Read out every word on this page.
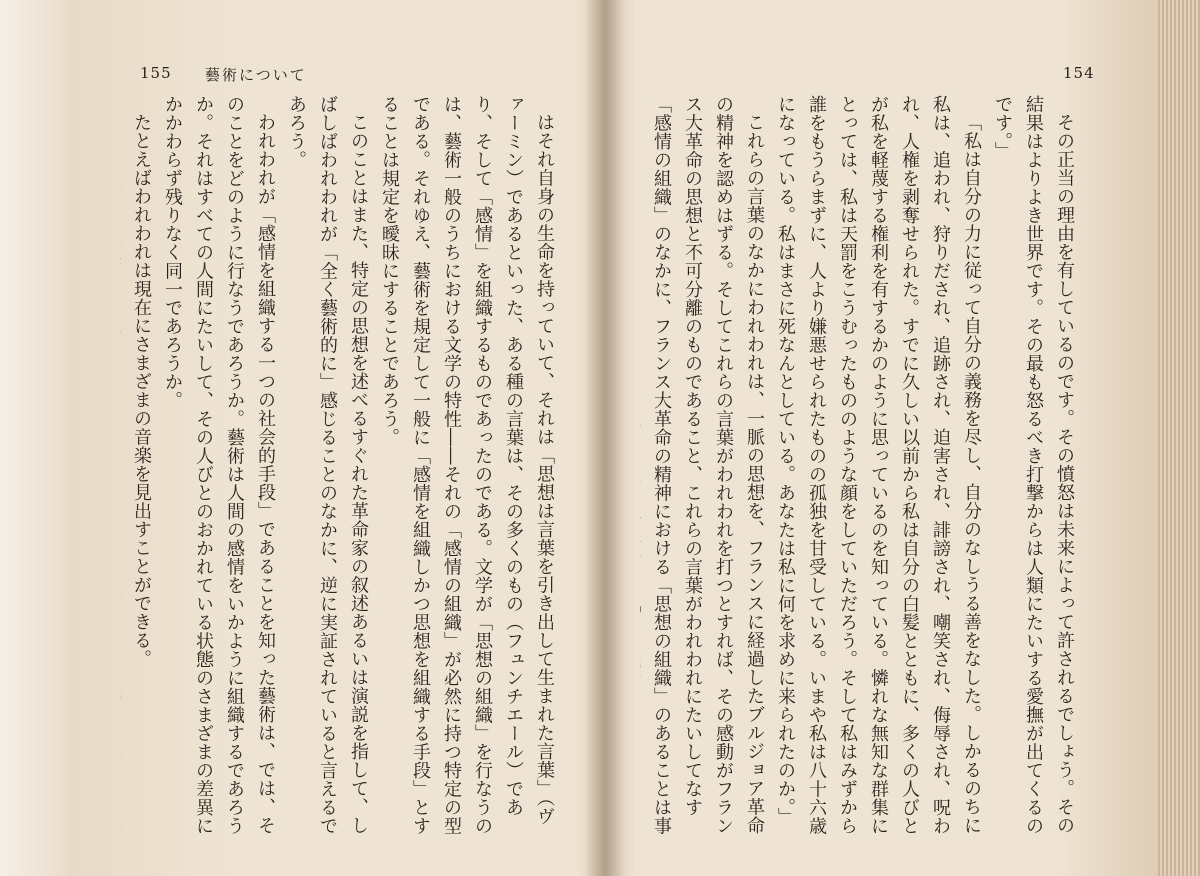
155 藝術について	154

はそれ自身の生命を持っていて、それは「思想は言葉を引き出して生まれた言葉」（ヴァーミン）であるといった、ある種の言葉は、その多くのもの（フュンチエール）であり、そして「感情」を組織するものであったのである。文学が「思想の組織」を行なうのは、藝術一般のうちにおける文学の特性――それの「感情の組織」が必然に持つ特定の型である。それゆえ、藝術を規定して一般に「感情を組織しかつ思想を組織する手段」とすることは規定を曖昧にすることであろう。

このことはまた、特定の思想を述べるすぐれた革命家の叙述あるいは演説を指して、しばしばわれわれが「全く藝術的に」感じることのなかに、逆に実証されていると言えるであろう。

われわれが「感情を組織する一つの社会的手段」であることを知った藝術は、では、そのことをどのように行なうであろうか。藝術は人間の感情をいかように組織するであろうか。それはすべての人間にたいして、その人びとのおかれている状態のさまざまの差異にかかわらず残りなく同一であろうか。

たとえばわれわれは現在にさまざまの音楽を見出すことができる。	その正当の理由を有しているのです。その憤怒は未来によって許されるでしょう。その結果はよりよき世界です。その最も怒るべき打撃からは人類にたいする愛撫が出てくるのです。」

「私は自分の力に従って自分の義務を尽し、自分のなしうる善をなした。しかるのちに私は、追われ、狩りだされ、追跡され、迫害され、誹謗され、嘲笑され、侮辱され、呪われ、人権を剥奪せられた。すでに久しい以前から私は自分の白髪とともに、多くの人びとが私を軽蔑する権利を有するかのように思っているのを知っている。憐れな無知な群集にとっては、私は天罰をこうむったもののような顔をしていただろう。そして私はみずから誰をもうらまずに、人より嫌悪せられたものの孤独を甘受している。いまや私は八十六歳になっている。私はまさに死なんとしている。あなたは私に何を求めに来られたのか。」

これらの言葉のなかにわれわれは、一脈の思想を、フランスに経過したブルジョア革命の精神を認めはずる。そしてこれらの言葉がわれわれを打つとすれば、その感動がフランス大革命の思想と不可分離のものであること、これらの言葉がわれわれにたいしてなす「感情の組織」のなかに、フランス大革命の精神における「思想の組織」のあることは事
